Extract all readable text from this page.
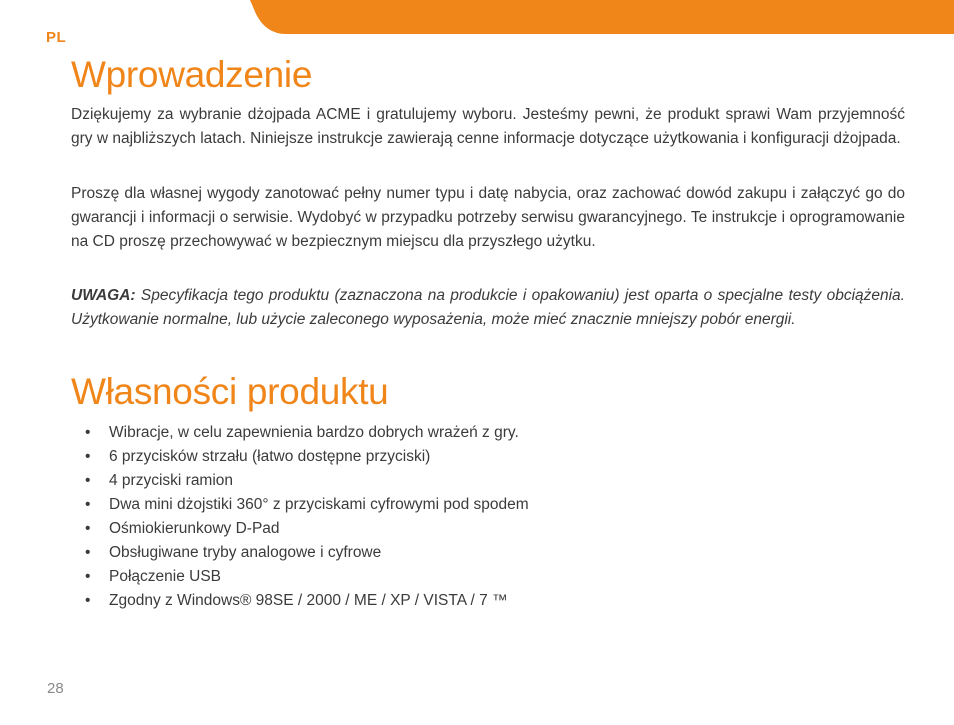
PL
Wprowadzenie

Dziękujemy za wybranie dżojpada ACME i gratulujemy wyboru. Jesteśmy pewni, że produkt sprawi Wam przyjemność gry w najbliższych latach. Niniejsze instrukcje zawierają cenne informacje dotyczące użytkowania i konfiguracji dżojpada.

Proszę dla własnej wygody zanotować pełny numer typu i datę nabycia, oraz zachować dowód zakupu i załączyć go do gwarancji i informacji o serwisie. Wydobyć w przypadku potrzeby serwisu gwarancyjnego. Te instrukcje i oprogramowanie na CD proszę przechowywać w bezpiecznym miejscu dla przyszłego użytku.

UWAGA: Specyfikacja tego produktu (zaznaczona na produkcie i opakowaniu) jest oparta o specjalne testy obciążenia. Użytkowanie normalne, lub użycie zaleconego wyposażenia, może mieć znacznie mniejszy pobór energii.

Własności produktu
• Wibracje, w celu zapewnienia bardzo dobrych wrażeń z gry.
• 6 przycisków strzału (łatwo dostępne przyciski)
• 4 przyciski ramion
• Dwa mini dżojstiki 360° z przyciskami cyfrowymi pod spodem
• Ośmiokierunkowy D-Pad
• Obsługiwane tryby analogowe i cyfrowe
• Połączenie USB
• Zgodny z Windows® 98SE / 2000 / ME / XP / VISTA / 7 ™
28
